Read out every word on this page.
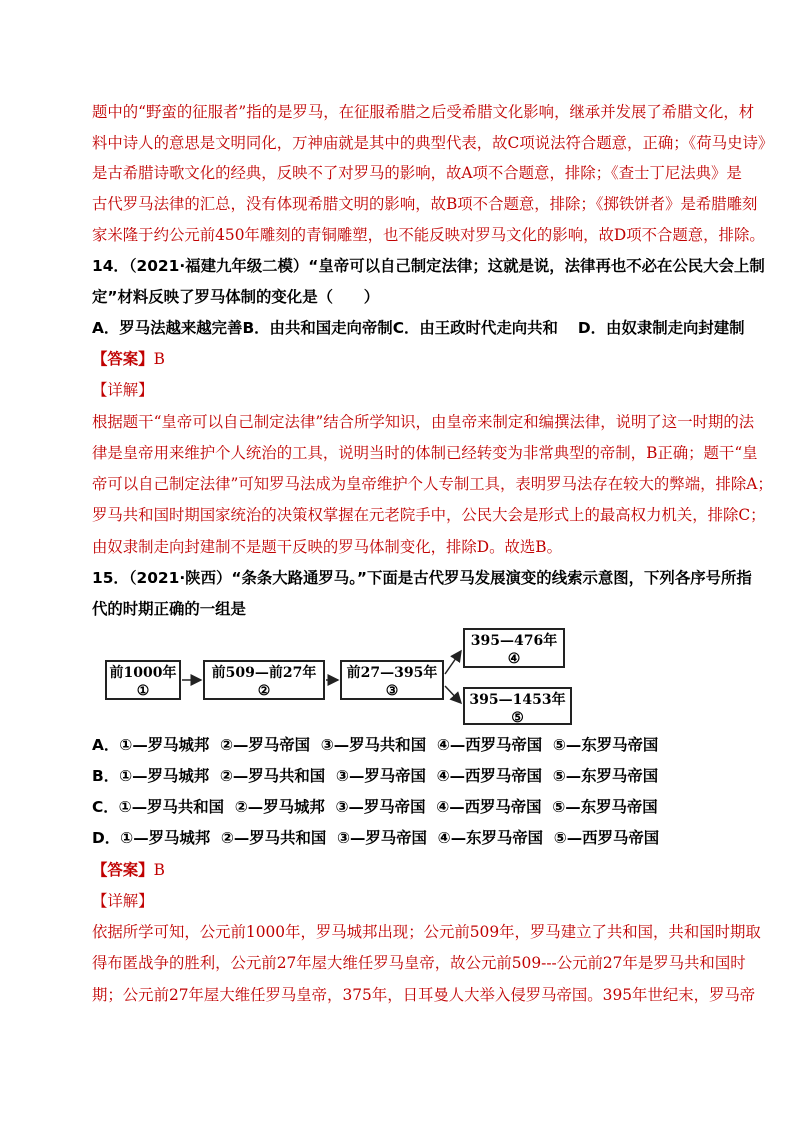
题中的“野蛮的征服者”指的是罗马，在征服希腊之后受希腊文化影响，继承并发展了希腊文化，材
料中诗人的意思是文明同化，万神庙就是其中的典型代表，故C项说法符合题意，正确；《荷马史诗》
是古希腊诗歌文化的经典，反映不了对罗马的影响，故A项不合题意，排除；《查士丁尼法典》是
古代罗马法律的汇总，没有体现希腊文明的影响，故B项不合题意，排除；《掷铁饼者》是希腊雕刻
家米隆于约公元前450年雕刻的青铜雕塑，也不能反映对罗马文化的影响，故D项不合题意，排除。
14．（2021·福建九年级二模）“皇帝可以自己制定法律；这就是说，法律再也不必在公民大会上制
定”材料反映了罗马体制的变化是（　　）
A．罗马法越来越完善B．由共和国走向帝制C．由王政时代走向共和 D．由奴隶制走向封建制
【答案】B
【详解】
根据题干“皇帝可以自己制定法律”结合所学知识，由皇帝来制定和编撰法律，说明了这一时期的法
律是皇帝用来维护个人统治的工具，说明当时的体制已经转变为非常典型的帝制，B正确；题干“皇
帝可以自己制定法律”可知罗马法成为皇帝维护个人专制工具，表明罗马法存在较大的弊端，排除A；
罗马共和国时期国家统治的决策权掌握在元老院手中，公民大会是形式上的最高权力机关，排除C；
由奴隶制走向封建制不是题干反映的罗马体制变化，排除D。故选B。
15．（2021·陕西）“条条大路通罗马。”下面是古代罗马发展演变的线索示意图，下列各序号所指
代的时期正确的一组是
前1000年
①
前509—前27年
②
前27—395年
③
395—476年
④
395—1453年
⑤
A．①—罗马城邦 ②—罗马帝国 ③—罗马共和国 ④—西罗马帝国 ⑤—东罗马帝国
B．①—罗马城邦 ②—罗马共和国 ③—罗马帝国 ④—西罗马帝国 ⑤—东罗马帝国
C．①—罗马共和国 ②—罗马城邦 ③—罗马帝国 ④—西罗马帝国 ⑤—东罗马帝国
D．①—罗马城邦 ②—罗马共和国 ③—罗马帝国 ④—东罗马帝国 ⑤—西罗马帝国
【答案】B
【详解】
依据所学可知，公元前1000年，罗马城邦出现；公元前509年，罗马建立了共和国，共和国时期取
得布匿战争的胜利，公元前27年屋大维任罗马皇帝，故公元前509---公元前27年是罗马共和国时
期；公元前27年屋大维任罗马皇帝，375年，日耳曼人大举入侵罗马帝国。395年世纪末，罗马帝
